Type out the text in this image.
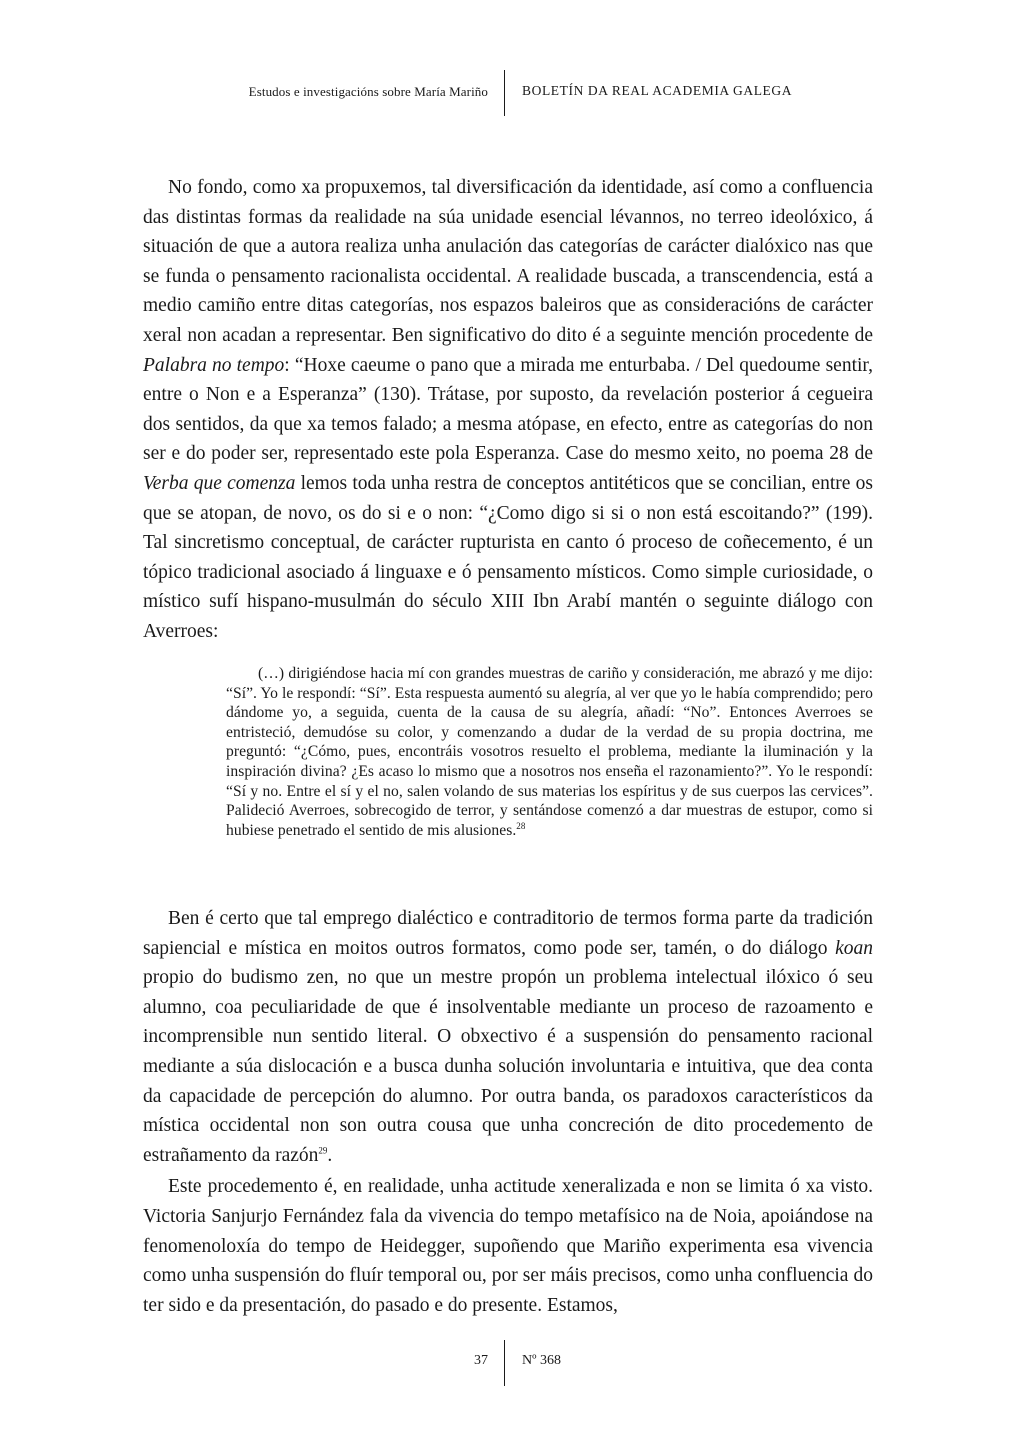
Estudos e investigacións sobre María Mariño	BOLETÍN DA REAL ACADEMIA GALEGA

No fondo, como xa propuxemos, tal diversificación da identidade, así como a confluencia das distintas formas da realidade na súa unidade esencial lévannos, no terreo ideolóxico, á situación de que a autora realiza unha anulación das categorías de carácter dialóxico nas que se funda o pensamento racionalista occidental. A realidade buscada, a transcendencia, está a medio camiño entre ditas categorías, nos espazos baleiros que as consideracións de carácter xeral non acadan a representar. Ben significativo do dito é a seguinte mención procedente de Palabra no tempo: “Hoxe caeume o pano que a mirada me enturbaba. / Del quedoume sentir, entre o Non e a Esperanza” (130). Trátase, por suposto, da revelación posterior á cegueira dos sentidos, da que xa temos falado; a mesma atópase, en efecto, entre as categorías do non ser e do poder ser, representado este pola Esperanza. Case do mesmo xeito, no poema 28 de Verba que comenza lemos toda unha restra de conceptos antitéticos que se concilian, entre os que se atopan, de novo, os do si e o non: “¿Como digo si si o non está escoitando?” (199). Tal sincretismo conceptual, de carácter rupturista en canto ó proceso de coñecemento, é un tópico tradicional asociado á linguaxe e ó pensamento místicos. Como simple curiosidade, o místico sufí hispano-musulmán do século XIII Ibn Arabí mantén o seguinte diálogo con Averroes:

(…) dirigiéndose hacia mí con grandes muestras de cariño y consideración, me abrazó y me dijo: “Sí”. Yo le respondí: “Sí”. Esta respuesta aumentó su alegría, al ver que yo le había comprendido; pero dándome yo, a seguida, cuenta de la causa de su alegría, añadí: “No”. Entonces Averroes se entristeció, demudóse su color, y comenzando a dudar de la verdad de su propia doctrina, me preguntó: “¿Cómo, pues, encontráis vosotros resuelto el problema, mediante la iluminación y la inspiración divina? ¿Es acaso lo mismo que a nosotros nos enseña el razonamiento?”. Yo le respondí: “Sí y no. Entre el sí y el no, salen volando de sus materias los espíritus y de sus cuerpos las cervices”. Palideció Averroes, sobrecogido de terror, y sentándose comenzó a dar muestras de estupor, como si hubiese penetrado el sentido de mis alusiones.$^{28}$

Ben é certo que tal emprego dialéctico e contraditorio de termos forma parte da tradición sapiencial e mística en moitos outros formatos, como pode ser, tamén, o do diálogo koan propio do budismo zen, no que un mestre propón un problema intelectual ilóxico ó seu alumno, coa peculiaridade de que é insolventable mediante un proceso de razoamento e incomprensible nun sentido literal. O obxectivo é a suspensión do pensamento racional mediante a súa dislocación e a busca dunha solución involuntaria e intuitiva, que dea conta da capacidade de percepción do alumno. Por outra banda, os paradoxos característicos da mística occidental non son outra cousa que unha concreción de dito procedemento de estrañamento da razón$^{29}$.

Este procedemento é, en realidade, unha actitude xeneralizada e non se limita ó xa visto. Victoria Sanjurjo Fernández fala da vivencia do tempo metafísico na de Noia, apoiándose na fenomenoloxía do tempo de Heidegger, supoñendo que Mariño experimenta esa vivencia como unha suspensión do fluír temporal ou, por ser máis precisos, como unha confluencia do ter sido e da presentación, do pasado e do presente. Estamos,

37 Nº 368
